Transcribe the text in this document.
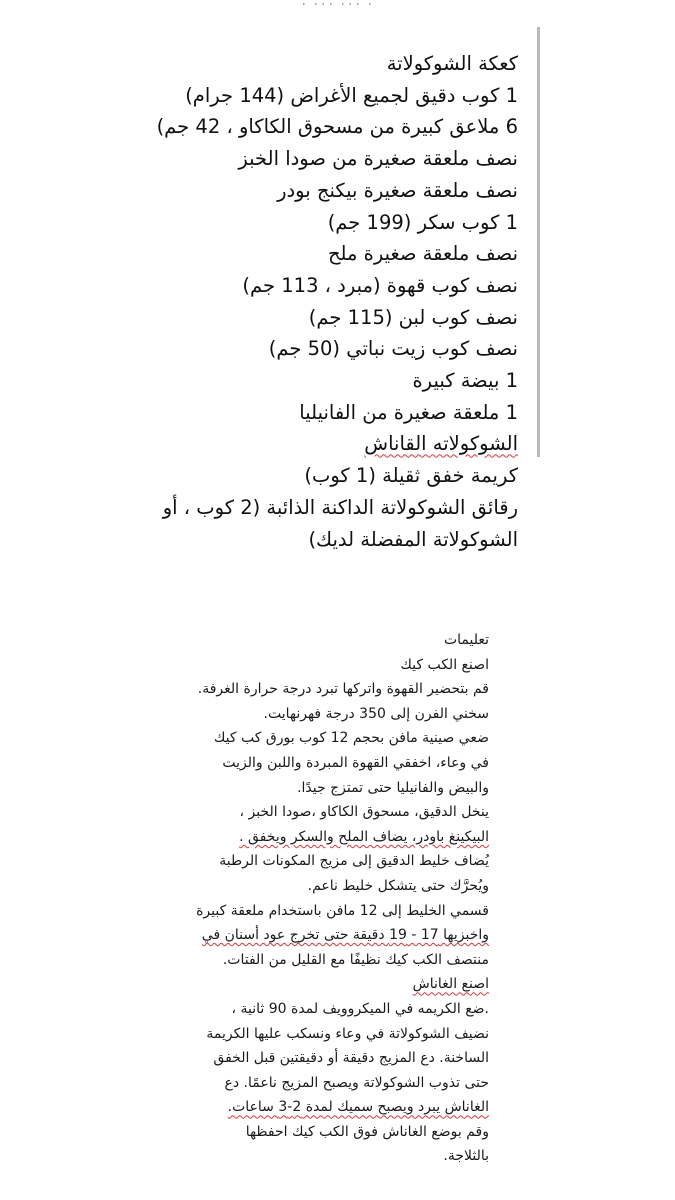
٠ ٠٠٠ ٠٠٠ ٠
كعكة الشوكولاتة
1 كوب دقيق لجميع الأغراض (144 جرام)
6 ملاعق كبيرة من مسحوق الكاكاو ، 42 جم)
نصف ملعقة صغيرة من صودا الخبز
نصف ملعقة صغيرة بيكنج بودر
1 كوب سكر (199 جم)
نصف ملعقة صغيرة ملح
نصف كوب قهوة (مبرد ، 113 جم)
نصف كوب لبن (115 جم)
نصف كوب زيت نباتي (50 جم)
1 بيضة كبيرة
1 ملعقة صغيرة من الفانيليا
الشوكولاته القاناش
كريمة خفق ثقيلة (1 كوب)
رقائق الشوكولاتة الداكنة الذائبة (2 كوب ، أو الشوكولاتة المفضلة لديك)
تعليمات
اصنع الكب كيك
قم بتحضير القهوة واتركها تبرد درجة حرارة الغرفة.
سخني الفرن إلى 350 درجة فهرنهايت.
ضعي صينية مافن بحجم 12 كوب بورق كب كيك
في وعاء، اخفقي القهوة المبردة واللبن والزيت
والبيض والفانيليا حتى تمتزج جيدًا.
ينخل الدقيق، مسحوق الكاكاو ،صودا الخبز ،
البيكينغ باودر، يضاف الملح والسكر ويخفق .
يُضاف خليط الدقيق إلى مزيج المكونات الرطبة
ويُحرَّك حتى يتشكل خليط ناعم.
قسمي الخليط إلى 12 مافن باستخدام ملعقة كبيرة
واخبزيها 17 - 19 دقيقة حتى تخرج عود أسنان في
منتصف الكب كيك نظيفًا مع القليل من الفتات.
اصنع الغاناش
.ضع الكريمه في الميكروويف لمدة 90 ثانية ،
نضيف الشوكولاتة في وعاء ونسكب عليها الكريمة
الساخنة. دع المزيج دقيقة أو دقيقتين قبل الخفق
حتى تذوب الشوكولاتة ويصبح المزيج ناعمًا. دع
الغاناش يبرد ويصبح سميك لمدة 2-3 ساعات.
وقم بوضع الغاناش فوق الكب كيك احفظها
بالثلاجة.
